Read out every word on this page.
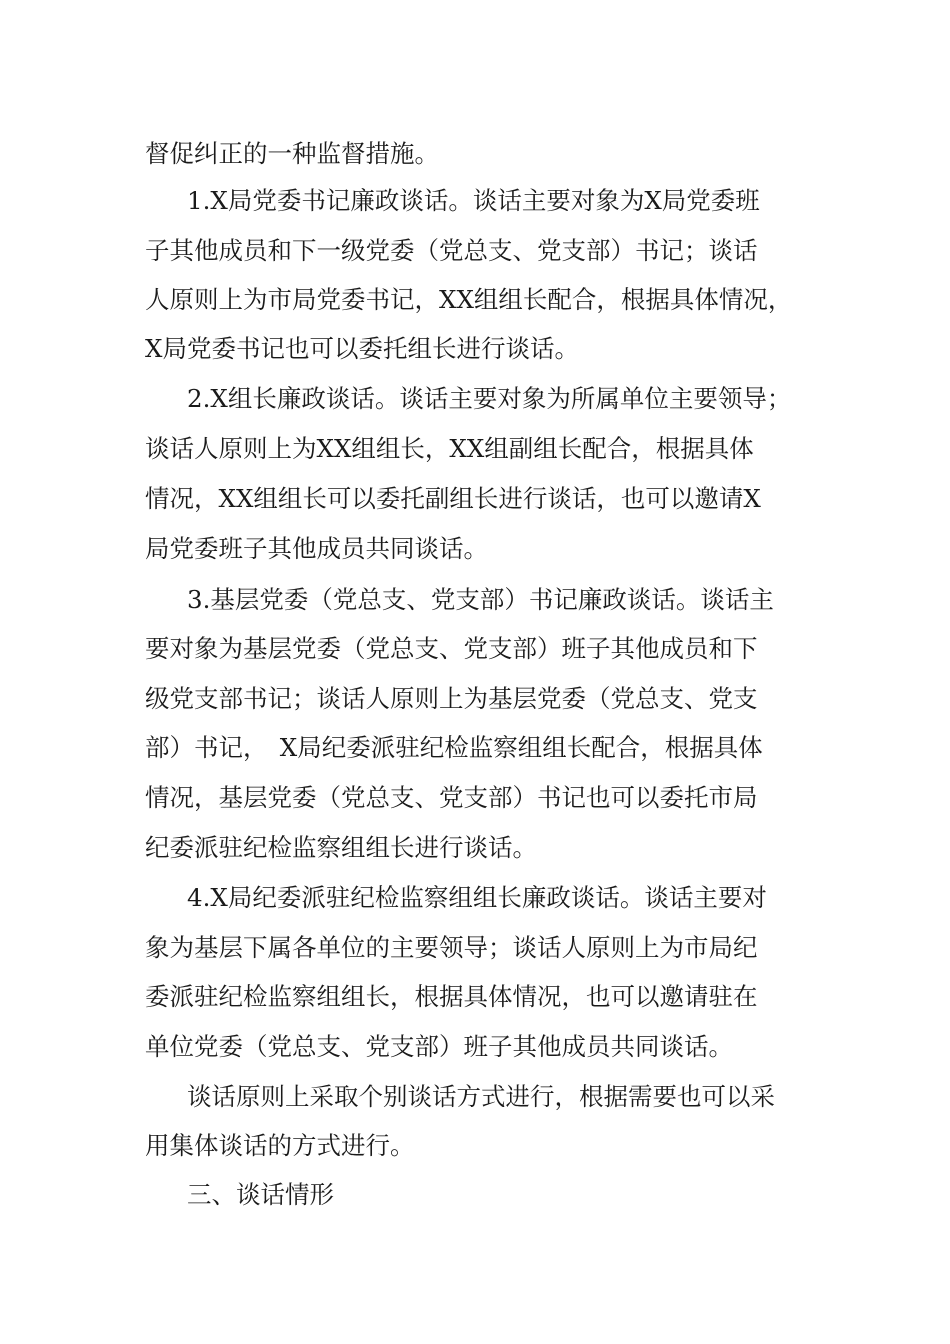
督促纠正的一种监督措施。
1.X局党委书记廉政谈话。谈话主要对象为X局党委班
子其他成员和下一级党委（党总支、党支部）书记；谈话
人原则上为市局党委书记，XX组组长配合，根据具体情况，
X局党委书记也可以委托组长进行谈话。
2.X组长廉政谈话。谈话主要对象为所属单位主要领导；
谈话人原则上为XX组组长，XX组副组长配合，根据具体
情况，XX组组长可以委托副组长进行谈话，也可以邀请X
局党委班子其他成员共同谈话。
3.基层党委（党总支、党支部）书记廉政谈话。谈话主
要对象为基层党委（党总支、党支部）班子其他成员和下
级党支部书记；谈话人原则上为基层党委（党总支、党支
部）书记，　X局纪委派驻纪检监察组组长配合，根据具体
情况，基层党委（党总支、党支部）书记也可以委托市局
纪委派驻纪检监察组组长进行谈话。
4.X局纪委派驻纪检监察组组长廉政谈话。谈话主要对
象为基层下属各单位的主要领导；谈话人原则上为市局纪
委派驻纪检监察组组长，根据具体情况，也可以邀请驻在
单位党委（党总支、党支部）班子其他成员共同谈话。
谈话原则上采取个别谈话方式进行，根据需要也可以采
用集体谈话的方式进行。
三、谈话情形
